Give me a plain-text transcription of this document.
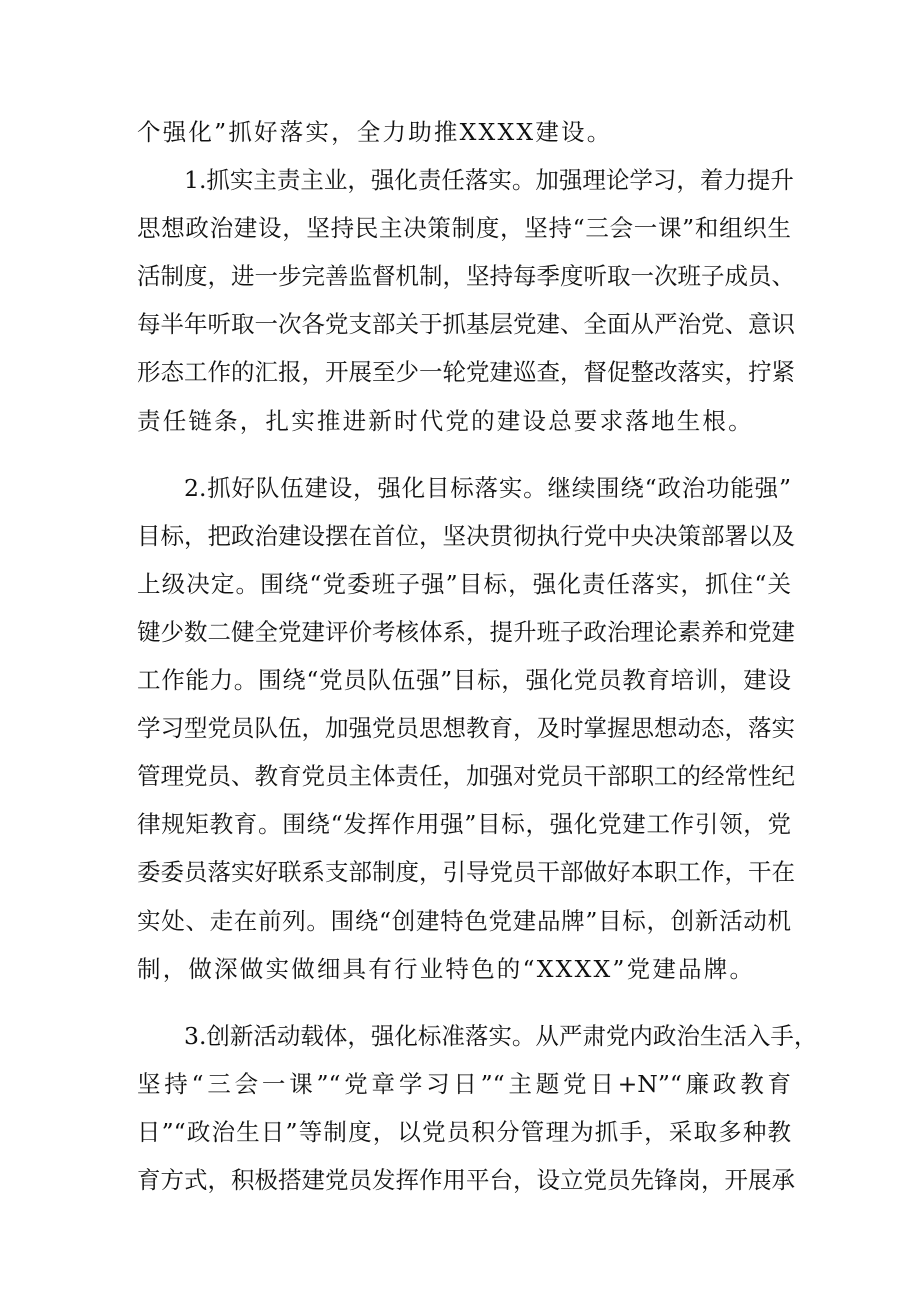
个强化”抓好落实，全力助推XXXX建设。
1.抓实主责主业，强化责任落实。加强理论学习，着力提升
思想政治建设，坚持民主决策制度，坚持“三会一课”和组织生
活制度，进一步完善监督机制，坚持每季度听取一次班子成员、
每半年听取一次各党支部关于抓基层党建、全面从严治党、意识
形态工作的汇报，开展至少一轮党建巡查，督促整改落实，拧紧
责任链条，扎实推进新时代党的建设总要求落地生根。
2.抓好队伍建设，强化目标落实。继续围绕“政治功能强”
目标，把政治建设摆在首位，坚决贯彻执行党中央决策部署以及
上级决定。围绕“党委班子强”目标，强化责任落实，抓住“关
键少数二健全党建评价考核体系，提升班子政治理论素养和党建
工作能力。围绕“党员队伍强”目标，强化党员教育培训，建设
学习型党员队伍，加强党员思想教育，及时掌握思想动态，落实
管理党员、教育党员主体责任，加强对党员干部职工的经常性纪
律规矩教育。围绕“发挥作用强”目标，强化党建工作引领，党
委委员落实好联系支部制度，引导党员干部做好本职工作，干在
实处、走在前列。围绕“创建特色党建品牌”目标，创新活动机
制，做深做实做细具有行业特色的“XXXX”党建品牌。
3.创新活动载体，强化标准落实。从严肃党内政治生活入手，
坚持“三会一课”“党章学习日”“主题党日+N”“廉政教育
日”“政治生日”等制度，以党员积分管理为抓手，采取多种教
育方式，积极搭建党员发挥作用平台，设立党员先锋岗，开展承
